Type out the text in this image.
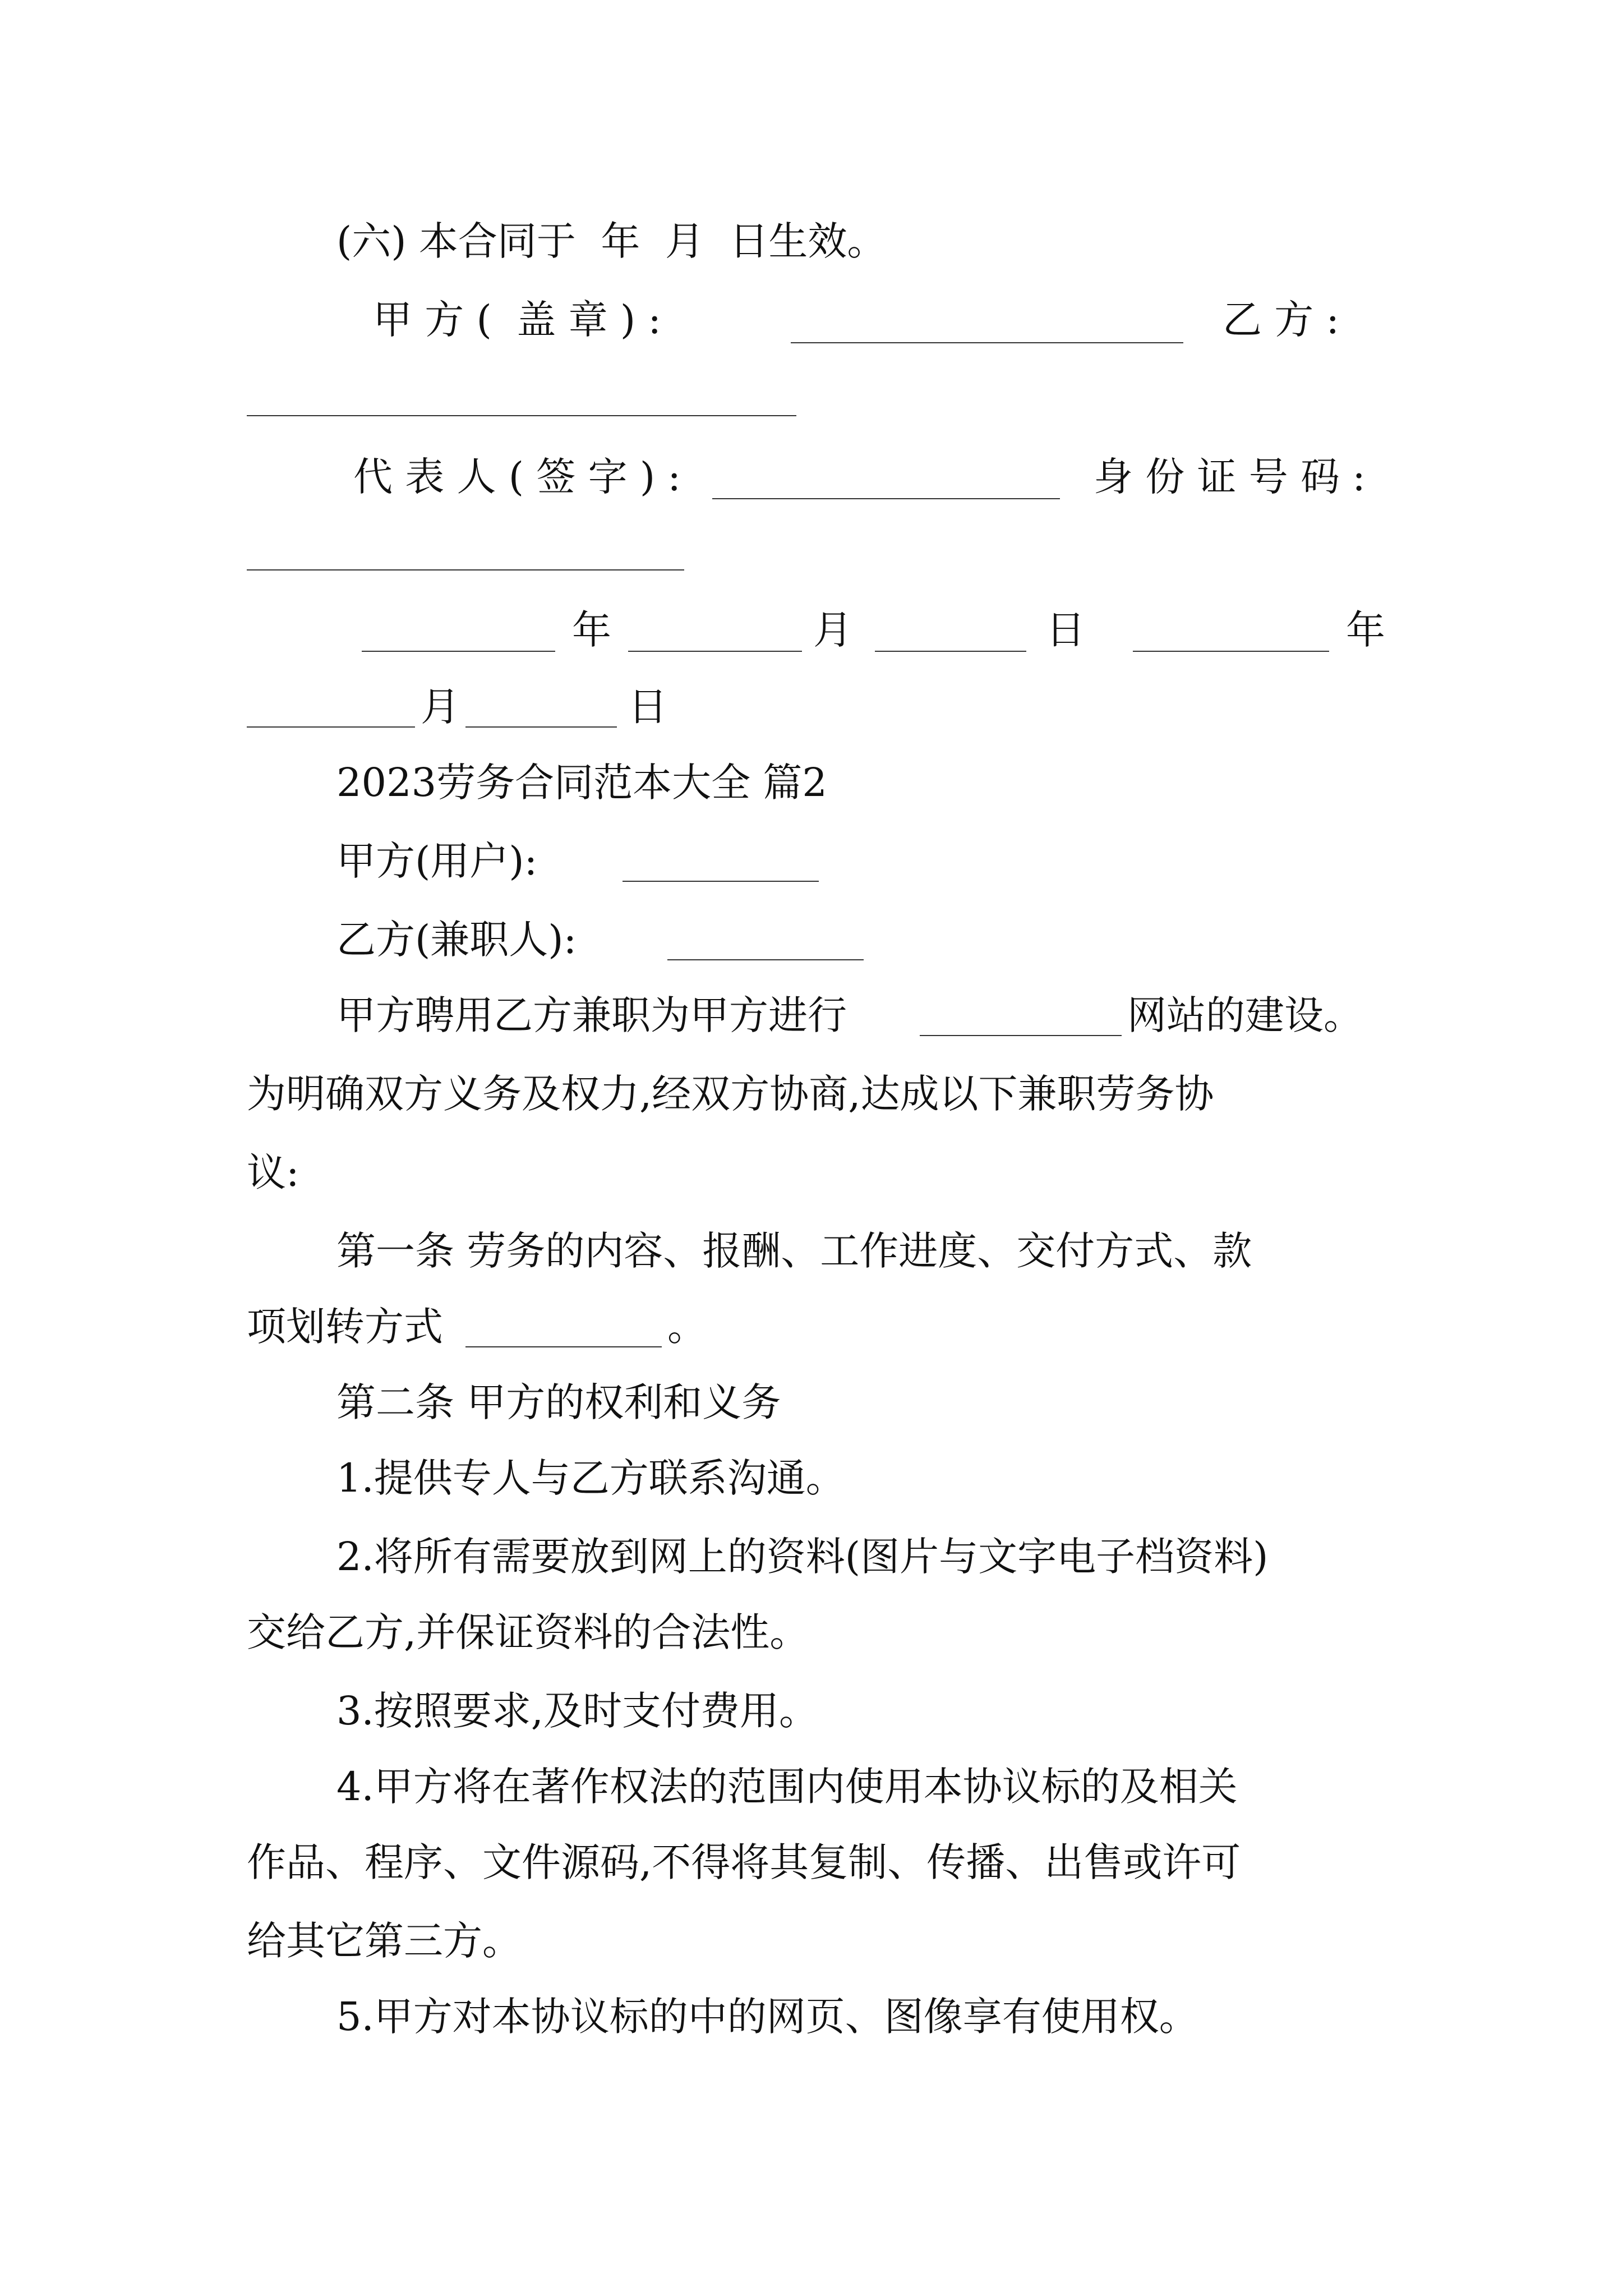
(六) 本合同于  年  月  日生效。
甲 方 (  盖 章 ) :	乙 方 :
代 表 人 ( 签 字 ) :	身 份 证 号 码 :
年	月	日	年
月	日
2023劳务合同范本大全 篇2
甲方(用户):
乙方(兼职人):
甲方聘用乙方兼职为甲方进行	网站的建设。
为明确双方义务及权力,经双方协商,达成以下兼职劳务协
议:
第一条 劳务的内容、报酬、工作进度、交付方式、款
项划转方式	。
第二条 甲方的权利和义务
1.提供专人与乙方联系沟通。
2.将所有需要放到网上的资料(图片与文字电子档资料)
交给乙方,并保证资料的合法性。
3.按照要求,及时支付费用。
4.甲方将在著作权法的范围内使用本协议标的及相关
作品、程序、文件源码,不得将其复制、传播、出售或许可
给其它第三方。
5.甲方对本协议标的中的网页、图像享有使用权。
